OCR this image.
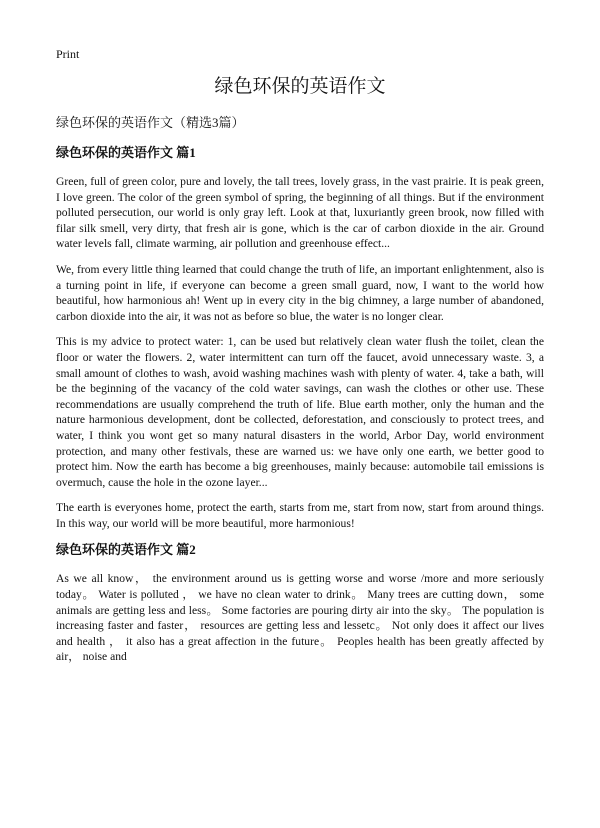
Print
绿色环保的英语作文
绿色环保的英语作文（精选3篇）
绿色环保的英语作文 篇1

Green, full of green color, pure and lovely, the tall trees, lovely grass, in the vast prairie. It is peak green, I love green. The color of the green symbol of spring, the beginning of all things. But if the environment polluted persecution, our world is only gray left. Look at that, luxuriantly green brook, now filled with filar silk smell, very dirty, that fresh air is gone, which is the car of carbon dioxide in the air. Ground water levels fall, climate warming, air pollution and greenhouse effect...

We, from every little thing learned that could change the truth of life, an important enlightenment, also is a turning point in life, if everyone can become a green small guard, now, I want to the world how beautiful, how harmonious ah! Went up in every city in the big chimney, a large number of abandoned, carbon dioxide into the air, it was not as before so blue, the water is no longer clear.

This is my advice to protect water: 1, can be used but relatively clean water flush the toilet, clean the floor or water the flowers. 2, water intermittent can turn off the faucet, avoid unnecessary waste. 3, a small amount of clothes to wash, avoid washing machines wash with plenty of water. 4, take a bath, will be the beginning of the vacancy of the cold water savings, can wash the clothes or other use. These recommendations are usually comprehend the truth of life. Blue earth mother, only the human and the nature harmonious development, dont be collected, deforestation, and consciously to protect trees, and water, I think you wont get so many natural disasters in the world, Arbor Day, world environment protection, and many other festivals, these are warned us: we have only one earth, we better good to protect him. Now the earth has become a big greenhouses, mainly because: automobile tail emissions is overmuch, cause the hole in the ozone layer...

The earth is everyones home, protect the earth, starts from me, start from now, start from around things. In this way, our world will be more beautiful, more harmonious!

绿色环保的英语作文 篇2

As we all know， the environment around us is getting worse and worse /more and more seriously today。 Water is polluted ， we have no clean water to drink。 Many trees are cutting down， some animals are getting less and less。 Some factories are pouring dirty air into the sky。 The population is increasing faster and faster， resources are getting less and lessetc。 Not only does it affect our lives and health ， it also has a great affection in the future。 Peoples health has been greatly affected by air， noise and
